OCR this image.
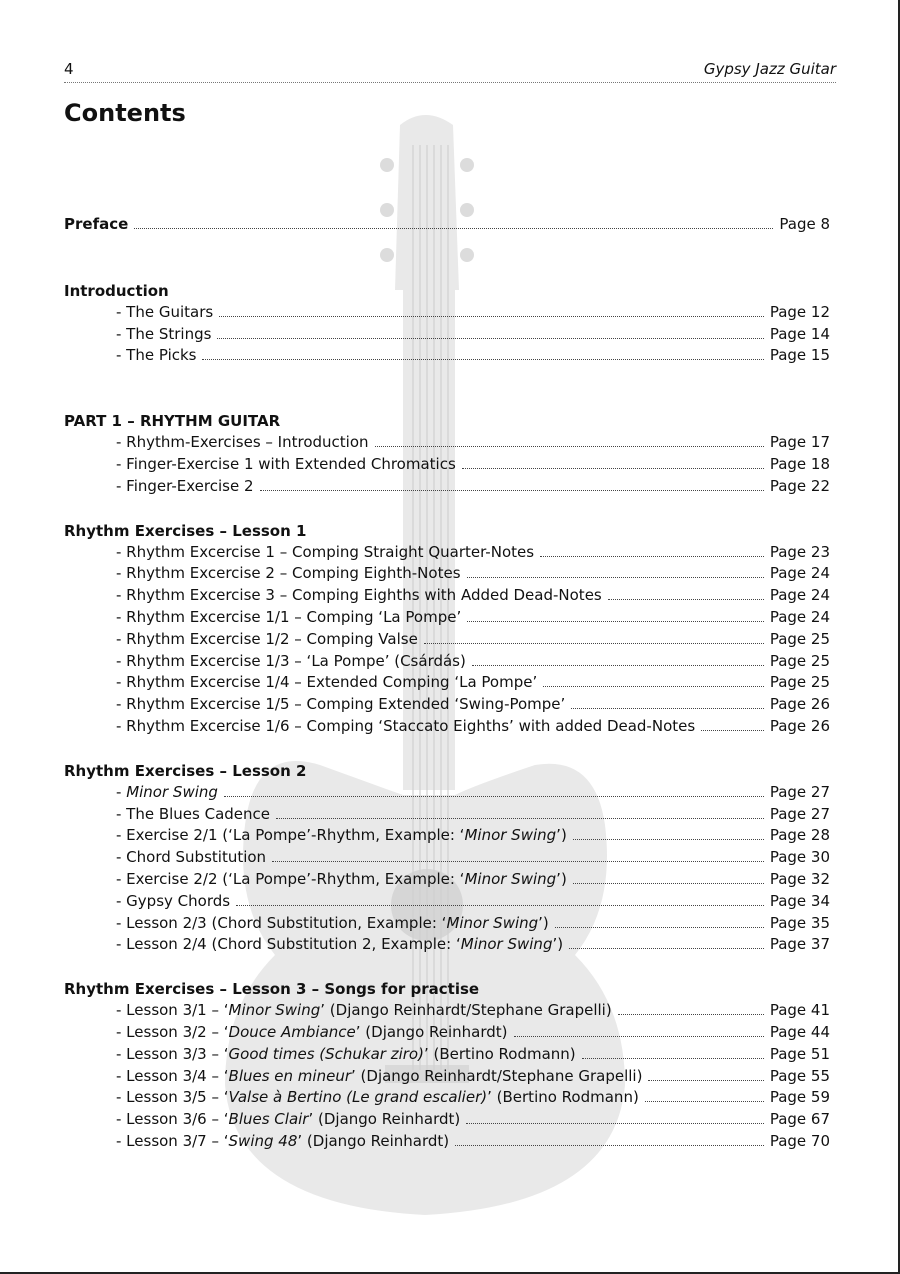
4	Gypsy Jazz Guitar
Contents
Preface	Page 8
Introduction
- The Guitars	Page 12
- The Strings	Page 14
- The Picks	Page 15
PART 1 – RHYTHM GUITAR
- Rhythm-Exercises – Introduction	Page 17
- Finger-Exercise 1 with Extended Chromatics	Page 18
- Finger-Exercise 2	Page 22
Rhythm Exercises – Lesson 1
- Rhythm Excercise 1 – Comping Straight Quarter-Notes	Page 23
- Rhythm Excercise 2 – Comping Eighth-Notes	Page 24
- Rhythm Excercise 3 – Comping Eighths with Added Dead-Notes	Page 24
- Rhythm Excercise 1/1 – Comping ‘La Pompe’	Page 24
- Rhythm Excercise 1/2 – Comping Valse	Page 25
- Rhythm Excercise 1/3 – ‘La Pompe’ (Csárdás)	Page 25
- Rhythm Excercise 1/4 – Extended Comping ‘La Pompe’	Page 25
- Rhythm Excercise 1/5 – Comping Extended ‘Swing-Pompe’	Page 26
- Rhythm Excercise 1/6 – Comping ‘Staccato Eighths’ with added Dead-Notes	Page 26
Rhythm Exercises – Lesson 2
- Minor Swing	Page 27
- The Blues Cadence	Page 27
- Exercise 2/1 (‘La Pompe’-Rhythm, Example: ‘Minor Swing’)	Page 28
- Chord Substitution	Page 30
- Exercise 2/2 (‘La Pompe’-Rhythm, Example: ‘Minor Swing’)	Page 32
- Gypsy Chords	Page 34
- Lesson 2/3 (Chord Substitution, Example: ‘Minor Swing’)	Page 35
- Lesson 2/4 (Chord Substitution 2, Example: ‘Minor Swing’)	Page 37
Rhythm Exercises – Lesson 3 – Songs for practise
- Lesson 3/1 – ‘Minor Swing’ (Django Reinhardt/Stephane Grapelli)	Page 41
- Lesson 3/2 – ‘Douce Ambiance’ (Django Reinhardt)	Page 44
- Lesson 3/3 – ‘Good times (Schukar ziro)’ (Bertino Rodmann)	Page 51
- Lesson 3/4 – ‘Blues en mineur’ (Django Reinhardt/Stephane Grapelli)	Page 55
- Lesson 3/5 – ‘Valse à Bertino (Le grand escalier)’ (Bertino Rodmann)	Page 59
- Lesson 3/6 – ‘Blues Clair’ (Django Reinhardt)	Page 67
- Lesson 3/7 – ‘Swing 48’ (Django Reinhardt)	Page 70
